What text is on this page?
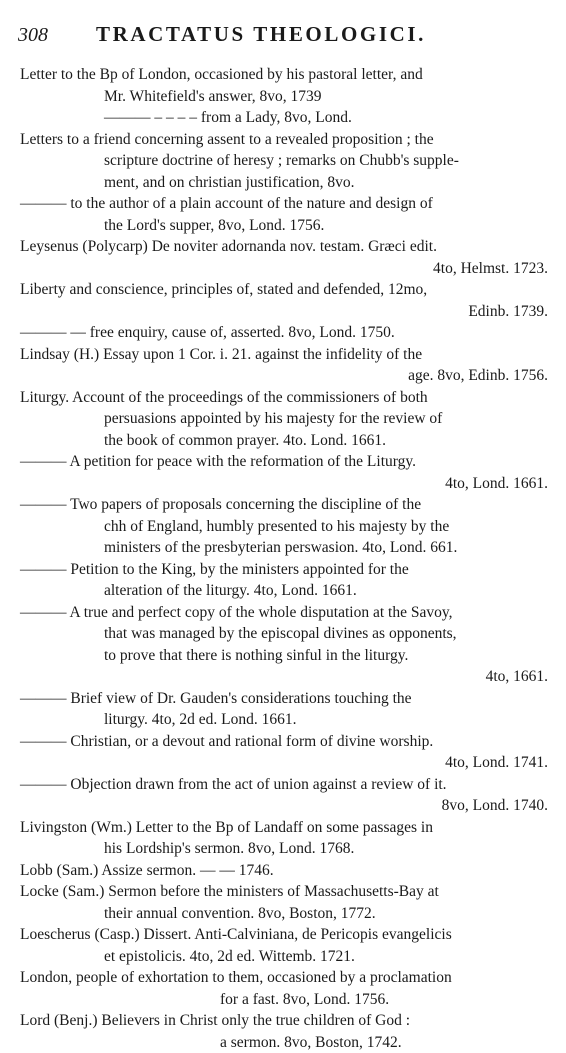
308 TRACTATUS THEOLOGICI.
Letter to the Bp of London, occasioned by his pastoral letter, and
Mr. Whitefield's answer, 8vo, 1739
——— – – – – from a Lady, 8vo, Lond.
Letters to a friend concerning assent to a revealed proposition ; the
scripture doctrine of heresy ; remarks on Chubb's supple-
ment, and on christian justification, 8vo.
——— to the author of a plain account of the nature and design of
the Lord's supper, 8vo, Lond. 1756.
Leysenus (Polycarp) De noviter adornanda nov. testam. Græci edit.
4to, Helmst. 1723.
Liberty and conscience, principles of, stated and defended, 12mo,
Edinb. 1739.
——— — free enquiry, cause of, asserted. 8vo, Lond. 1750.
Lindsay (H.) Essay upon 1 Cor. i. 21. against the infidelity of the
age. 8vo, Edinb. 1756.
Liturgy. Account of the proceedings of the commissioners of both
persuasions appointed by his majesty for the review of
the book of common prayer. 4to. Lond. 1661.
——— A petition for peace with the reformation of the Liturgy.
4to, Lond. 1661.
——— Two papers of proposals concerning the discipline of the
chh of England, humbly presented to his majesty by the
ministers of the presbyterian perswasion. 4to, Lond. 661.
——— Petition to the King, by the ministers appointed for the
alteration of the liturgy. 4to, Lond. 1661.
——— A true and perfect copy of the whole disputation at the Savoy,
that was managed by the episcopal divines as opponents,
to prove that there is nothing sinful in the liturgy.
4to, 1661.
——— Brief view of Dr. Gauden's considerations touching the
liturgy. 4to, 2d ed. Lond. 1661.
——— Christian, or a devout and rational form of divine worship.
4to, Lond. 1741.
——— Objection drawn from the act of union against a review of it.
8vo, Lond. 1740.
Livingston (Wm.) Letter to the Bp of Landaff on some passages in
his Lordship's sermon. 8vo, Lond. 1768.
Lobb (Sam.) Assize sermon. — — 1746.
Locke (Sam.) Sermon before the ministers of Massachusetts-Bay at
their annual convention. 8vo, Boston, 1772.
Loescherus (Casp.) Dissert. Anti-Calviniana, de Pericopis evangelicis
et epistolicis. 4to, 2d ed. Wittemb. 1721.
London, people of exhortation to them, occasioned by a proclamation
for a fast. 8vo, Lond. 1756.
Lord (Benj.) Believers in Christ only the true children of God :
a sermon. 8vo, Boston, 1742.
